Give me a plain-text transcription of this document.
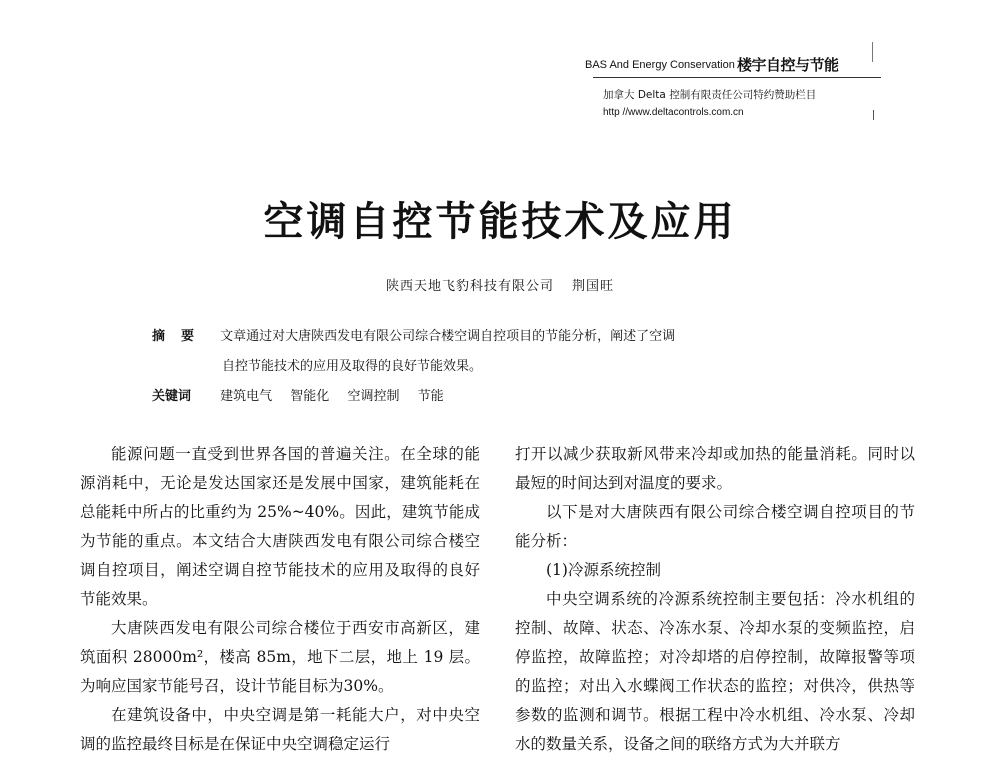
BAS And Energy Conservation 楼宇自控与节能
加拿大 Delta 控制有限责任公司特约赞助栏目
http //www.deltacontrols.com.cn
空调自控节能技术及应用
陕西天地飞豹科技有限公司 荆国旺
摘要 文章通过对大唐陕西发电有限公司综合楼空调自控项目的节能分析，阐述了空调
自控节能技术的应用及取得的良好节能效果。
关键词 建筑电气 智能化 空调控制 节能

能源问题一直受到世界各国的普遍关注。在全球的能源消耗中，无论是发达国家还是发展中国家，建筑能耗在总能耗中所占的比重约为 25%~40%。因此，建筑节能成为节能的重点。本文结合大唐陕西发电有限公司综合楼空调自控项目，阐述空调自控节能技术的应用及取得的良好节能效果。

大唐陕西发电有限公司综合楼位于西安市高新区，建筑面积 28000m²，楼高 85m，地下二层，地上 19 层。为响应国家节能号召，设计节能目标为30%。

在建筑设备中，中央空调是第一耗能大户，对中央空调的监控最终目标是在保证中央空调稳定运行

打开以减少获取新风带来冷却或加热的能量消耗。同时以最短的时间达到对温度的要求。

以下是对大唐陕西有限公司综合楼空调自控项目的节能分析：

(1)冷源系统控制

中央空调系统的冷源系统控制主要包括：冷水机组的控制、故障、状态、冷冻水泵、冷却水泵的变频监控，启停监控，故障监控；对冷却塔的启停控制，故障报警等项的监控；对出入水蝶阀工作状态的监控；对供冷，供热等参数的监测和调节。根据工程中冷水机组、冷水泵、冷却水的数量关系，设备之间的联络方式为大并联方
